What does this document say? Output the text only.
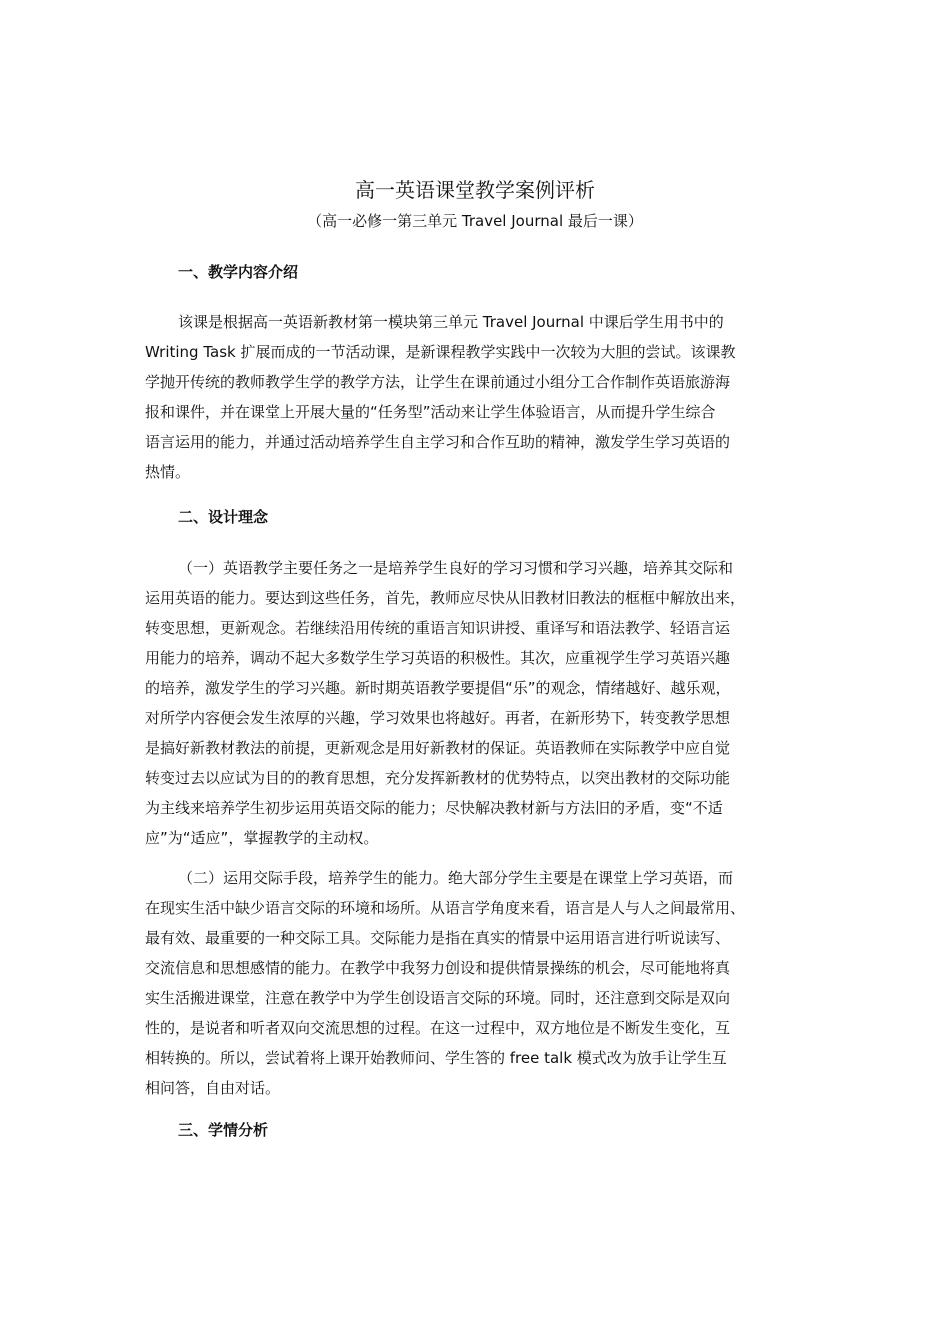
高一英语课堂教学案例评析
（高一必修一第三单元 Travel Journal 最后一课）
一、教学内容介绍
该课是根据高一英语新教材第一模块第三单元 Travel Journal 中课后学生用书中的
Writing Task 扩展而成的一节活动课，是新课程教学实践中一次较为大胆的尝试。该课教
学抛开传统的教师教学生学的教学方法，让学生在课前通过小组分工合作制作英语旅游海
报和课件，并在课堂上开展大量的“任务型”活动来让学生体验语言，从而提升学生综合
语言运用的能力，并通过活动培养学生自主学习和合作互助的精神，激发学生学习英语的
热情。
二、设计理念
（一）英语教学主要任务之一是培养学生良好的学习习惯和学习兴趣，培养其交际和
运用英语的能力。要达到这些任务，首先，教师应尽快从旧教材旧教法的框框中解放出来，
转变思想，更新观念。若继续沿用传统的重语言知识讲授、重译写和语法教学、轻语言运
用能力的培养，调动不起大多数学生学习英语的积极性。其次，应重视学生学习英语兴趣
的培养，激发学生的学习兴趣。新时期英语教学要提倡“乐”的观念，情绪越好、越乐观，
对所学内容便会发生浓厚的兴趣，学习效果也将越好。再者，在新形势下，转变教学思想
是搞好新教材教法的前提，更新观念是用好新教材的保证。英语教师在实际教学中应自觉
转变过去以应试为目的的教育思想，充分发挥新教材的优势特点，以突出教材的交际功能
为主线来培养学生初步运用英语交际的能力；尽快解决教材新与方法旧的矛盾，变“不适
应”为“适应”，掌握教学的主动权。
（二）运用交际手段，培养学生的能力。绝大部分学生主要是在课堂上学习英语，而
在现实生活中缺少语言交际的环境和场所。从语言学角度来看，语言是人与人之间最常用、
最有效、最重要的一种交际工具。交际能力是指在真实的情景中运用语言进行听说读写、
交流信息和思想感情的能力。在教学中我努力创设和提供情景操练的机会，尽可能地将真
实生活搬进课堂，注意在教学中为学生创设语言交际的环境。同时，还注意到交际是双向
性的，是说者和听者双向交流思想的过程。在这一过程中，双方地位是不断发生变化，互
相转换的。所以，尝试着将上课开始教师问、学生答的 free talk 模式改为放手让学生互
相问答，自由对话。
三、学情分析
